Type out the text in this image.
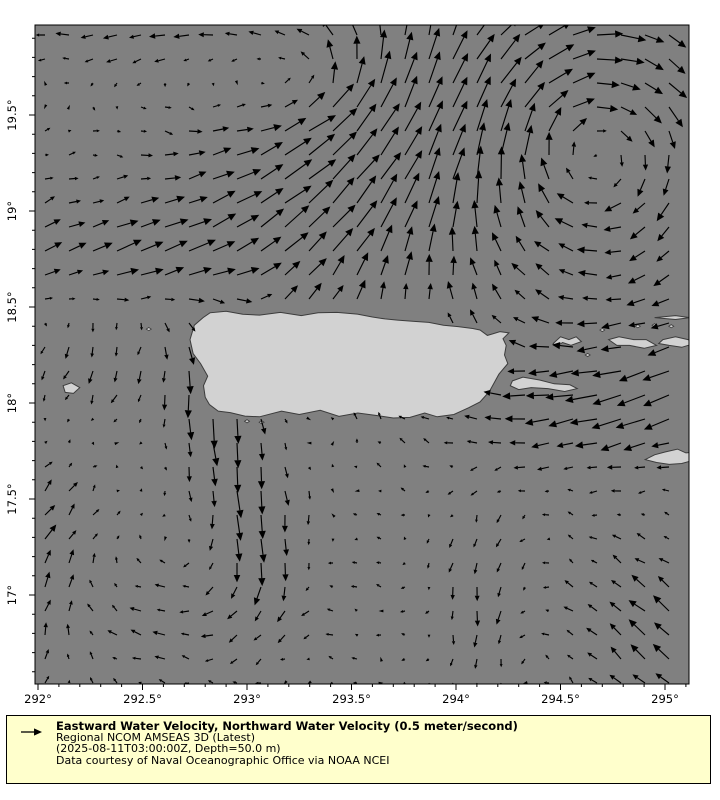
292°	292.5°	293°	293.5°	294°	294.5°	295°
19.5°
19°
18.5°
18°
17.5°
17°
Eastward Water Velocity, Northward Water Velocity (0.5 meter/second)
Regional NCOM AMSEAS 3D (Latest)
(2025-08-11T03:00:00Z, Depth=50.0 m)
Data courtesy of Naval Oceanographic Office via NOAA NCEI
